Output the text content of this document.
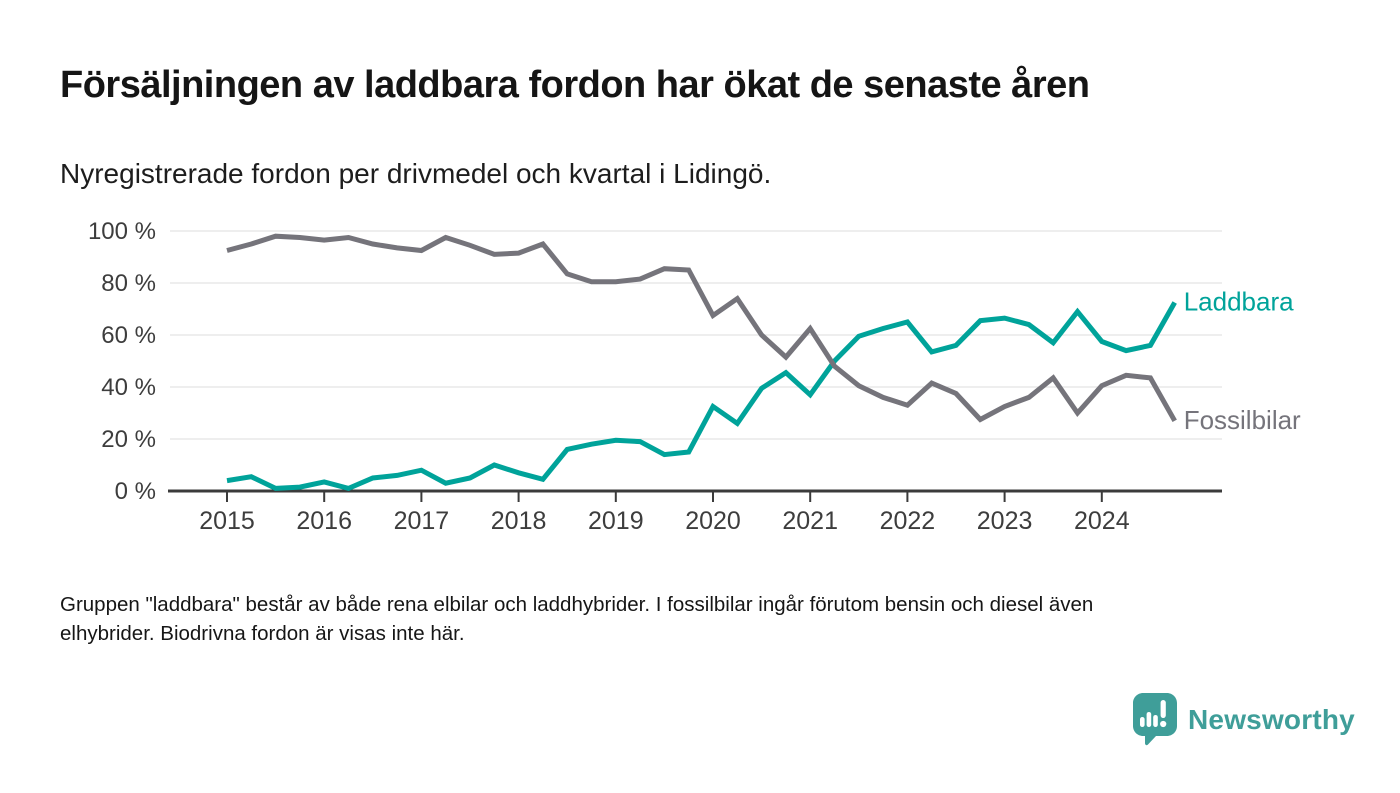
Försäljningen av laddbara fordon har ökat de senaste åren

Nyregistrerade fordon per drivmedel och kvartal i Lidingö.

0 %
20 %
40 %
60 %
80 %
100 %
2015 2016 2017 2018 2019 2020 2021 2022 2023 2024
Laddbara
Fossilbilar

Gruppen "laddbara" består av både rena elbilar och laddhybrider. I fossilbilar ingår förutom bensin och diesel även
elhybrider. Biodrivna fordon är visas inte här.

Newsworthy
